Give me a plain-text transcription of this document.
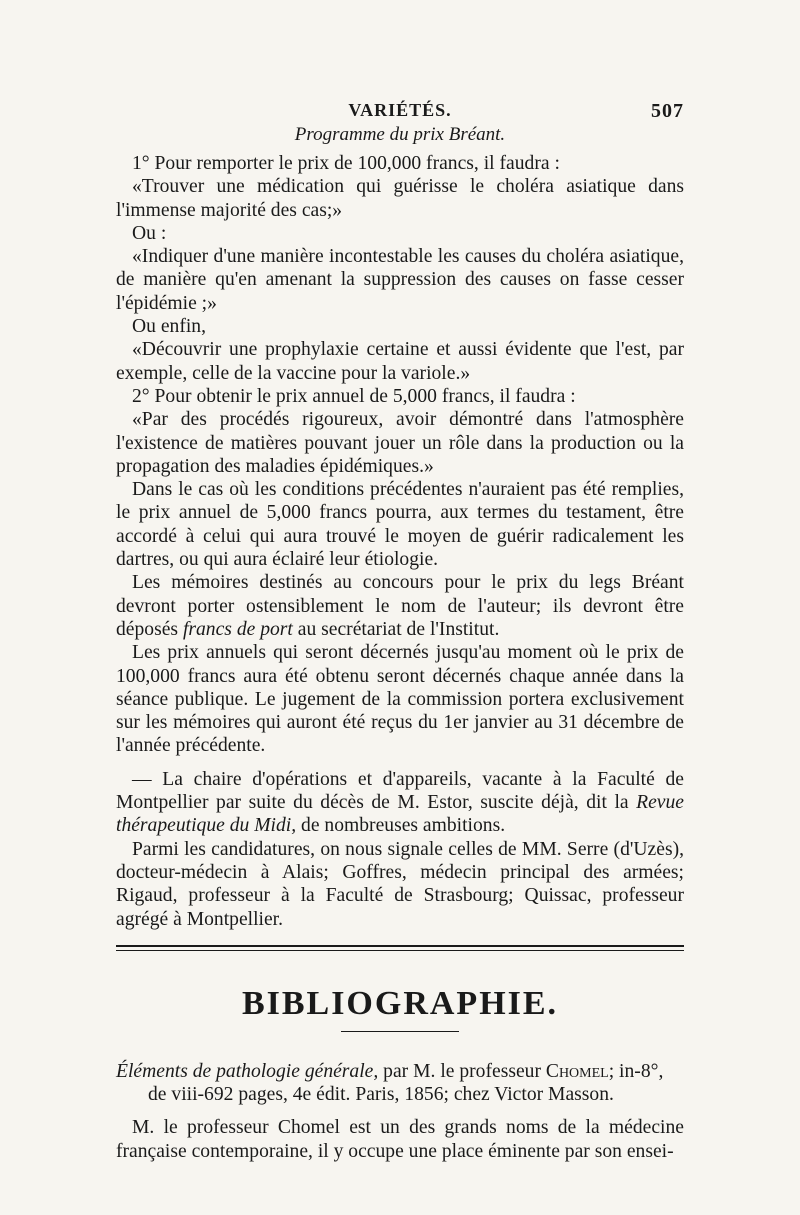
VARIÉTÉS.	507
Programme du prix Bréant.

1° Pour remporter le prix de 100,000 francs, il faudra :

«Trouver une médication qui guérisse le choléra asiatique dans l'immense majorité des cas;»

Ou :

«Indiquer d'une manière incontestable les causes du choléra asiatique, de manière qu'en amenant la suppression des causes on fasse cesser l'épidémie ;»

Ou enfin,

«Découvrir une prophylaxie certaine et aussi évidente que l'est, par exemple, celle de la vaccine pour la variole.»

2° Pour obtenir le prix annuel de 5,000 francs, il faudra :

«Par des procédés rigoureux, avoir démontré dans l'atmosphère l'existence de matières pouvant jouer un rôle dans la production ou la propagation des maladies épidémiques.»

Dans le cas où les conditions précédentes n'auraient pas été remplies, le prix annuel de 5,000 francs pourra, aux termes du testament, être accordé à celui qui aura trouvé le moyen de guérir radicalement les dartres, ou qui aura éclairé leur étiologie.

Les mémoires destinés au concours pour le prix du legs Bréant devront porter ostensiblement le nom de l'auteur; ils devront être déposés francs de port au secrétariat de l'Institut.

Les prix annuels qui seront décernés jusqu'au moment où le prix de 100,000 francs aura été obtenu seront décernés chaque année dans la séance publique. Le jugement de la commission portera exclusivement sur les mémoires qui auront été reçus du 1er janvier au 31 décembre de l'année précédente.

— La chaire d'opérations et d'appareils, vacante à la Faculté de Montpellier par suite du décès de M. Estor, suscite déjà, dit la Revue thérapeutique du Midi, de nombreuses ambitions.

Parmi les candidatures, on nous signale celles de MM. Serre (d'Uzès), docteur-médecin à Alais; Goffres, médecin principal des armées; Rigaud, professeur à la Faculté de Strasbourg; Quissac, professeur agrégé à Montpellier.

BIBLIOGRAPHIE.
Éléments de pathologie générale, par M. le professeur Chomel; in-8°,
de viii-692 pages, 4e édit. Paris, 1856; chez Victor Masson.

M. le professeur Chomel est un des grands noms de la médecine française contemporaine, il y occupe une place éminente par son ensei-
